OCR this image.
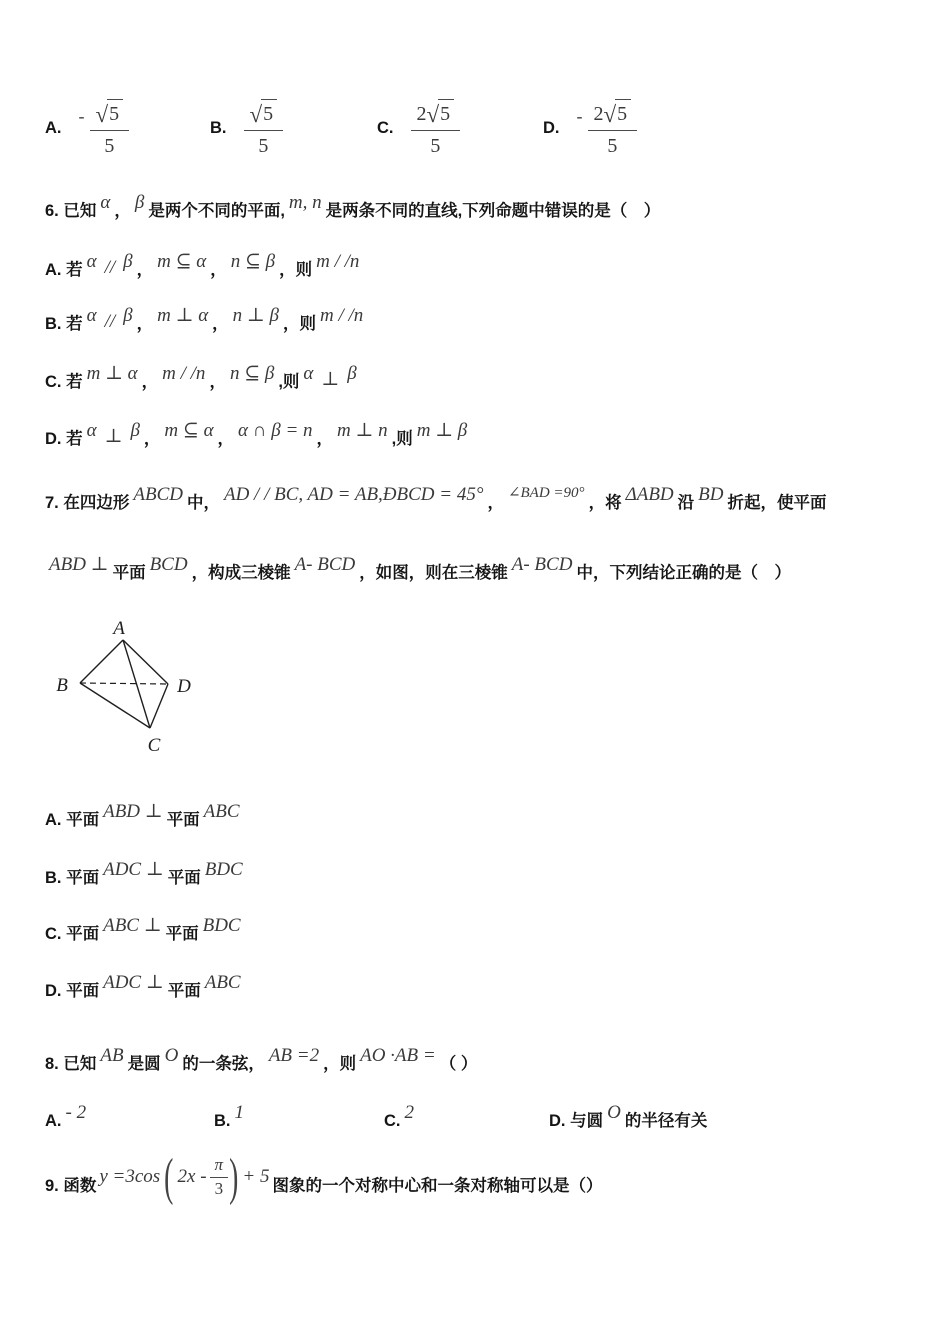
A.
- $\frac{√ 5}{5}$	B. $\frac{√ 5}{5}$	C. $\frac{2 √ 5}{5}$	D.
- $\frac{2 √ 5}{5}$
6. 已知 α ， β 是两个不同的平面, m, n 是两条不同的直线,下列命题中错误的是（　）
A. 若 α // β ， m ⊆ α ， n ⊆ β ，则 m / /n
B. 若 α // β ， m ⊥ α ， n ⊥ β ，则 m / /n
C. 若 m ⊥ α ， m / /n ， n ⊆ β ,则 α ⊥ β
D. 若 α ⊥ β ， m ⊆ α ， α ∩ β = n ， m ⊥ n ,则 m ⊥ β
7. 在四边形 ABCD 中， AD / / BC, AD = AB,ÐBCD = 45° ，∠BAD =90°，将 ΔABD 沿 BD 折起，使平面
ABD ⊥ 平面 BCD ，构成三棱锥 A- BCD ，如图，则在三棱锥 A- BCD 中，下列结论正确的是（　）
A
B	D
C
A. 平面 ABD ⊥ 平面 ABC
B. 平面 ADC ⊥ 平面 BDC
C. 平面 ABC ⊥ 平面 BDC
D. 平面 ADC ⊥ 平面 ABC
8. 已知 AB 是圆 O 的一条弦， AB =2 ，则 AO ·AB = （ ）
A. - 2	B. 1	C. 2	D. 与圆 O 的半径有关
9. 函数 y =3cos ( $2x - \frac{\pi}{3}$ ) + 5 图象的一个对称中心和一条对称轴可以是（）
